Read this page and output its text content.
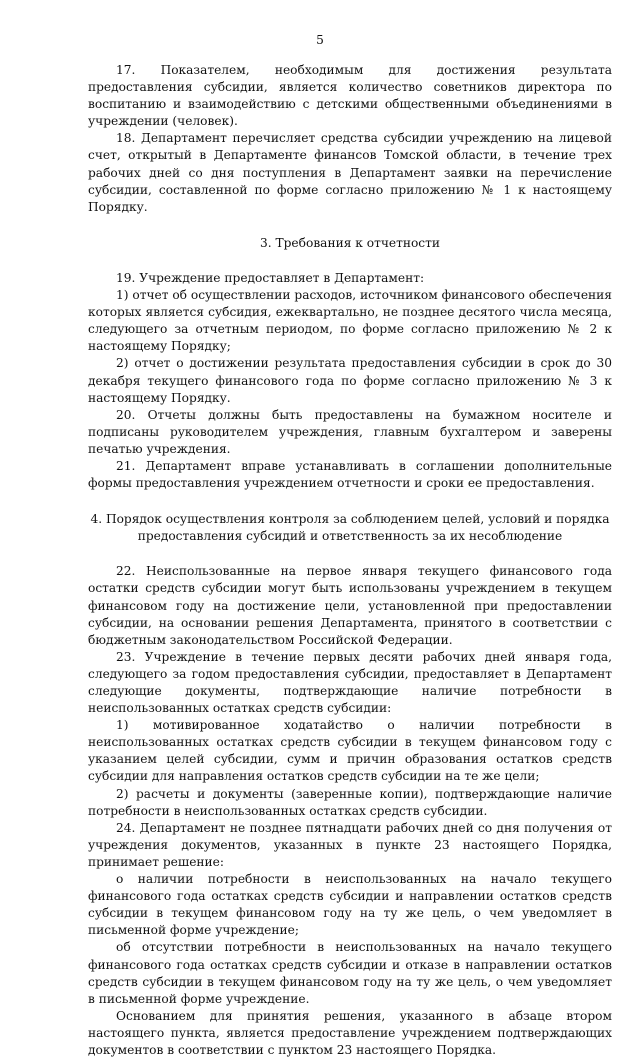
5

17. Показателем, необходимым для достижения результата предоставления субсидии, является количество советников директора по воспитанию и взаимодействию с детскими общественными объединениями в учреждении (человек).

18. Департамент перечисляет средства субсидии учреждению на лицевой счет, открытый в Департаменте финансов Томской области, в течение трех рабочих дней со дня поступления в Департамент заявки на перечисление субсидии, составленной по форме согласно приложению № 1 к настоящему Порядку.

3. Требования к отчетности

19. Учреждение предоставляет в Департамент:

1) отчет об осуществлении расходов, источником финансового обеспечения которых является субсидия, ежеквартально, не позднее десятого числа месяца, следующего за отчетным периодом, по форме согласно приложению № 2 к настоящему Порядку;

2) отчет о достижении результата предоставления субсидии в срок до 30 декабря текущего финансового года по форме согласно приложению № 3 к настоящему Порядку.

20. Отчеты должны быть предоставлены на бумажном носителе и подписаны руководителем учреждения, главным бухгалтером и заверены печатью учреждения.

21. Департамент вправе устанавливать в соглашении дополнительные формы предоставления учреждением отчетности и сроки ее предоставления.

4. Порядок осуществления контроля за соблюдением целей, условий и порядка

предоставления субсидий и ответственность за их несоблюдение

22. Неиспользованные на первое января текущего финансового года остатки средств субсидии могут быть использованы учреждением в текущем финансовом году на достижение цели, установленной при предоставлении субсидии, на основании решения Департамента, принятого в соответствии с бюджетным законодательством Российской Федерации.

23. Учреждение в течение первых десяти рабочих дней января года, следующего за годом предоставления субсидии, предоставляет в Департамент следующие документы, подтверждающие наличие потребности в неиспользованных остатках средств субсидии:

1) мотивированное ходатайство о наличии потребности в неиспользованных остатках средств субсидии в текущем финансовом году с указанием целей субсидии, сумм и причин образования остатков средств субсидии для направления остатков средств субсидии на те же цели;

2) расчеты и документы (заверенные копии), подтверждающие наличие потребности в неиспользованных остатках средств субсидии.

24. Департамент не позднее пятнадцати рабочих дней со дня получения от учреждения документов, указанных в пункте 23 настоящего Порядка, принимает решение:

о наличии потребности в неиспользованных на начало текущего финансового года остатках средств субсидии и направлении остатков средств субсидии в текущем финансовом году на ту же цель, о чем уведомляет в письменной форме учреждение;

об отсутствии потребности в неиспользованных на начало текущего финансового года остатках средств субсидии и отказе в направлении остатков средств субсидии в текущем финансовом году на ту же цель, о чем уведомляет в письменной форме учреждение.

Основанием для принятия решения, указанного в абзаце втором настоящего пункта, является предоставление учреждением подтверждающих документов в соответствии с пунктом 23 настоящего Порядка.
